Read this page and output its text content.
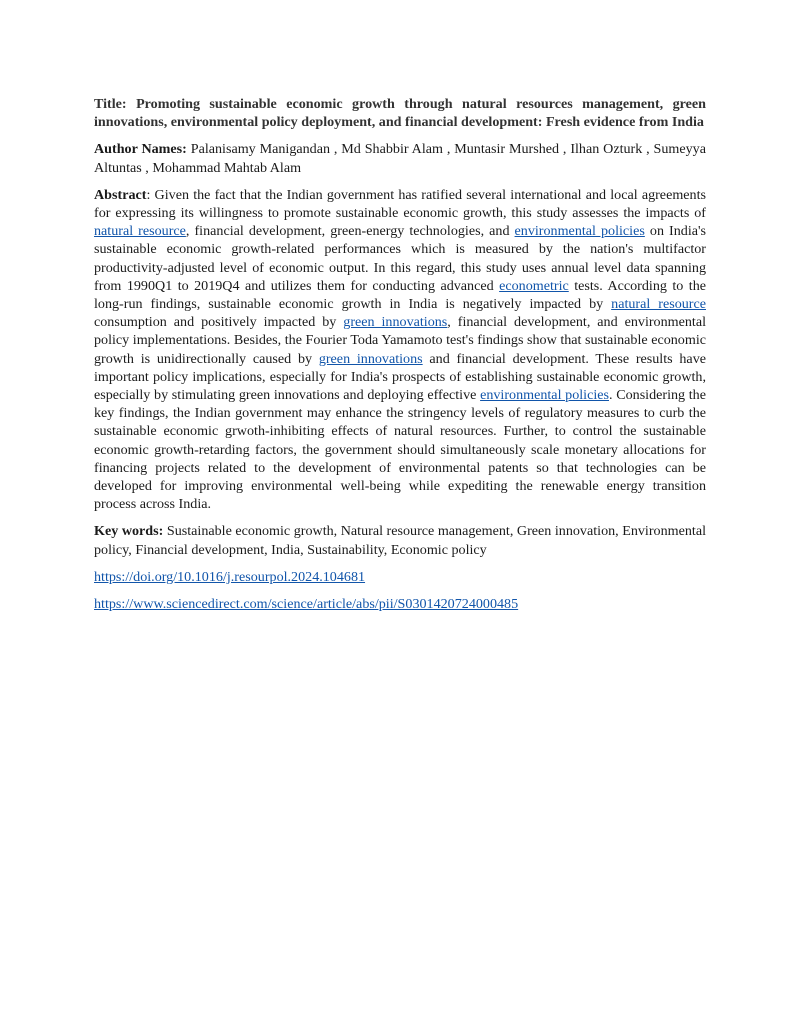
Title: Promoting sustainable economic growth through natural resources management, green innovations, environmental policy deployment, and financial development: Fresh evidence from India

Author Names: Palanisamy Manigandan , Md Shabbir Alam , Muntasir Murshed , Ilhan Ozturk , Sumeyya Altuntas , Mohammad Mahtab Alam

Abstract: Given the fact that the Indian government has ratified several international and local agreements for expressing its willingness to promote sustainable economic growth, this study assesses the impacts of natural resource, financial development, green-energy technologies, and environmental policies on India's sustainable economic growth-related performances which is measured by the nation's multifactor productivity-adjusted level of economic output. In this regard, this study uses annual level data spanning from 1990Q1 to 2019Q4 and utilizes them for conducting advanced econometric tests. According to the long-run findings, sustainable economic growth in India is negatively impacted by natural resource consumption and positively impacted by green innovations, financial development, and environmental policy implementations. Besides, the Fourier Toda Yamamoto test's findings show that sustainable economic growth is unidirectionally caused by green innovations and financial development. These results have important policy implications, especially for India's prospects of establishing sustainable economic growth, especially by stimulating green innovations and deploying effective environmental policies. Considering the key findings, the Indian government may enhance the stringency levels of regulatory measures to curb the sustainable economic grwoth-inhibiting effects of natural resources. Further, to control the sustainable economic growth-retarding factors, the government should simultaneously scale monetary allocations for financing projects related to the development of environmental patents so that technologies can be developed for improving environmental well-being while expediting the renewable energy transition process across India.

Key words: Sustainable economic growth, Natural resource management, Green innovation, Environmental policy, Financial development, India, Sustainability, Economic policy

https://doi.org/10.1016/j.resourpol.2024.104681

https://www.sciencedirect.com/science/article/abs/pii/S0301420724000485
